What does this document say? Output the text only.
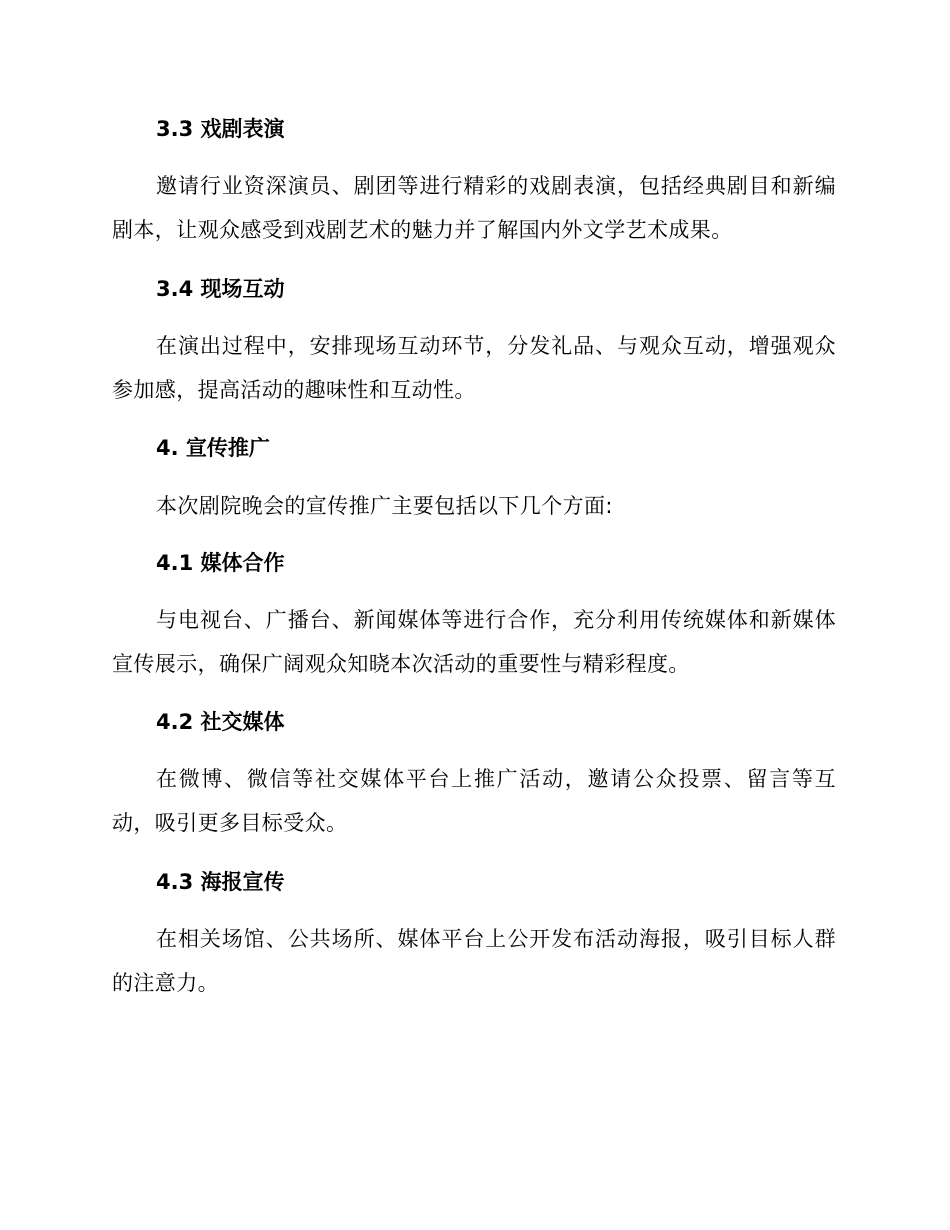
3.3 戏剧表演
邀请行业资深演员、剧团等进行精彩的戏剧表演，包括经典剧目和新编剧本，让观众感受到戏剧艺术的魅力并了解国内外文学艺术成果。
3.4 现场互动
在演出过程中，安排现场互动环节，分发礼品、与观众互动，增强观众参加感，提高活动的趣味性和互动性。
4. 宣传推广
本次剧院晚会的宣传推广主要包括以下几个方面:
4.1 媒体合作
与电视台、广播台、新闻媒体等进行合作，充分利用传统媒体和新媒体宣传展示，确保广阔观众知晓本次活动的重要性与精彩程度。
4.2 社交媒体
在微博、微信等社交媒体平台上推广活动，邀请公众投票、留言等互动，吸引更多目标受众。
4.3 海报宣传
在相关场馆、公共场所、媒体平台上公开发布活动海报，吸引目标人群的注意力。
